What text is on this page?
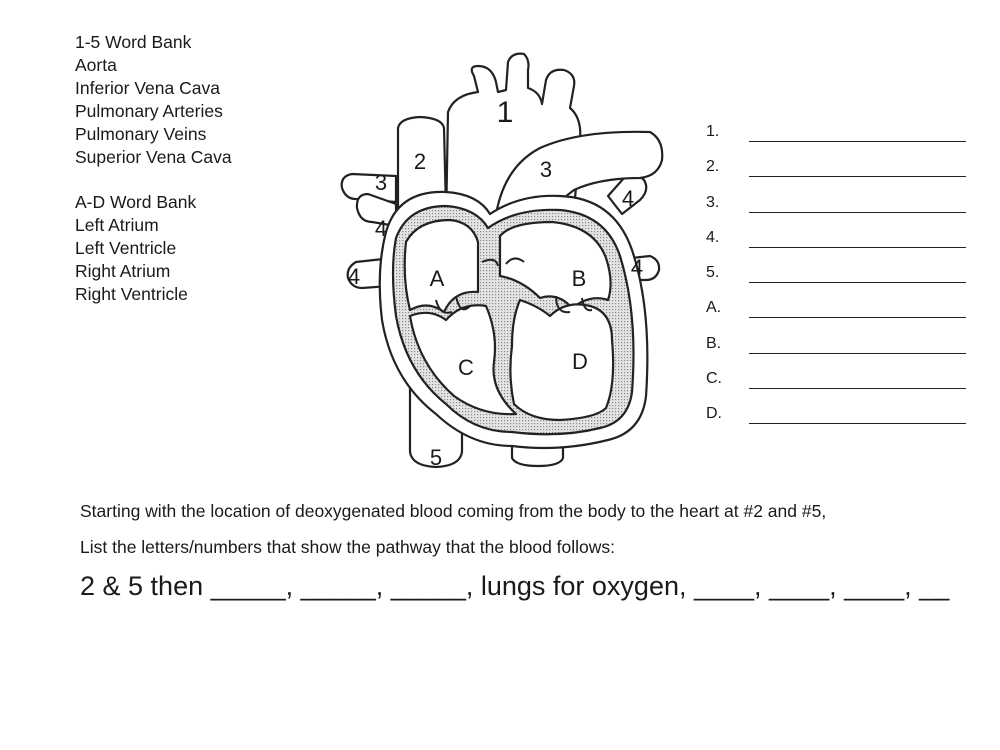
1-5 Word Bank
Aorta
Inferior Vena Cava
Pulmonary Arteries
Pulmonary Veins
Superior Vena Cava
A-D Word Bank
Left Atrium
Left Ventricle
Right Atrium
Right Ventricle
1
2	3
3
4
4
4
4
5
A	B
C	D
1.
2.
3.
4.
5.
A.
B.
C.
D.
Starting with the location of deoxygenated blood coming from the body to the heart at #2 and #5,
List the letters/numbers that show the pathway that the blood follows:
2 & 5 then _____, _____, _____, lungs for oxygen, ____, ____, ____, __
